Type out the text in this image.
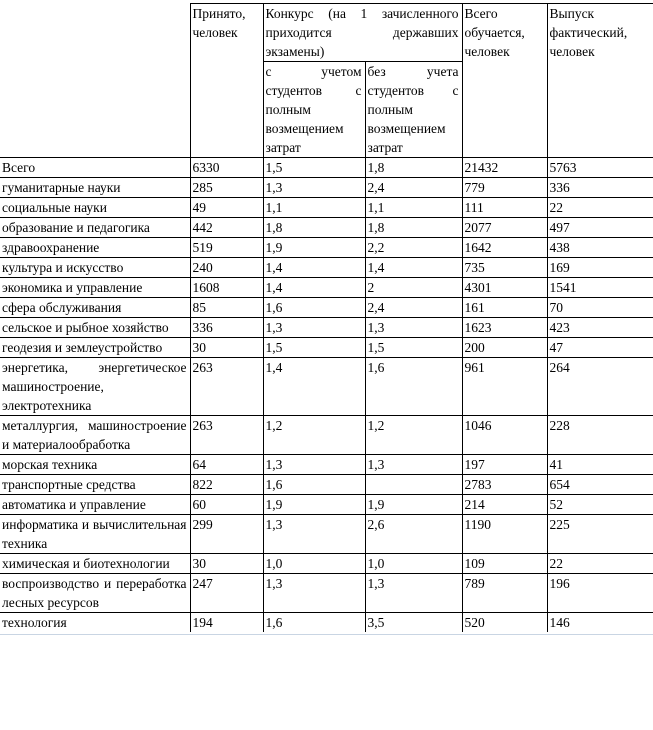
	Принято, человек	Конкурс (на 1 зачисленного приходится державших экзамены)		Всего обучается, человек	Выпуск фактический, человек
		с учетом студентов с полным возмещением затрат	без учета студентов с полным возмещением затрат		
Всего	6330	1,5	1,8	21432	5763
гуманитарные науки	285	1,3	2,4	779	336
социальные науки	49	1,1	1,1	111	22
образование и педагогика	442	1,8	1,8	2077	497
здравоохранение	519	1,9	2,2	1642	438
культура и искусство	240	1,4	1,4	735	169
экономика и управление	1608	1,4	2	4301	1541
сфера обслуживания	85	1,6	2,4	161	70
сельское и рыбное хозяйство	336	1,3	1,3	1623	423
геодезия и землеустройство	30	1,5	1,5	200	47
энергетика, энергетическое машиностроение, электротехника	263	1,4	1,6	961	264
металлургия, машиностроение и материалообработка	263	1,2	1,2	1046	228
морская техника	64	1,3	1,3	197	41
транспортные средства	822	1,6		2783	654
автоматика и управление	60	1,9	1,9	214	52
информатика и вычислительная техника	299	1,3	2,6	1190	225
химическая и биотехнологии	30	1,0	1,0	109	22
воспроизводство и переработка лесных ресурсов	247	1,3	1,3	789	196
технология	194	1,6	3,5	520	146
